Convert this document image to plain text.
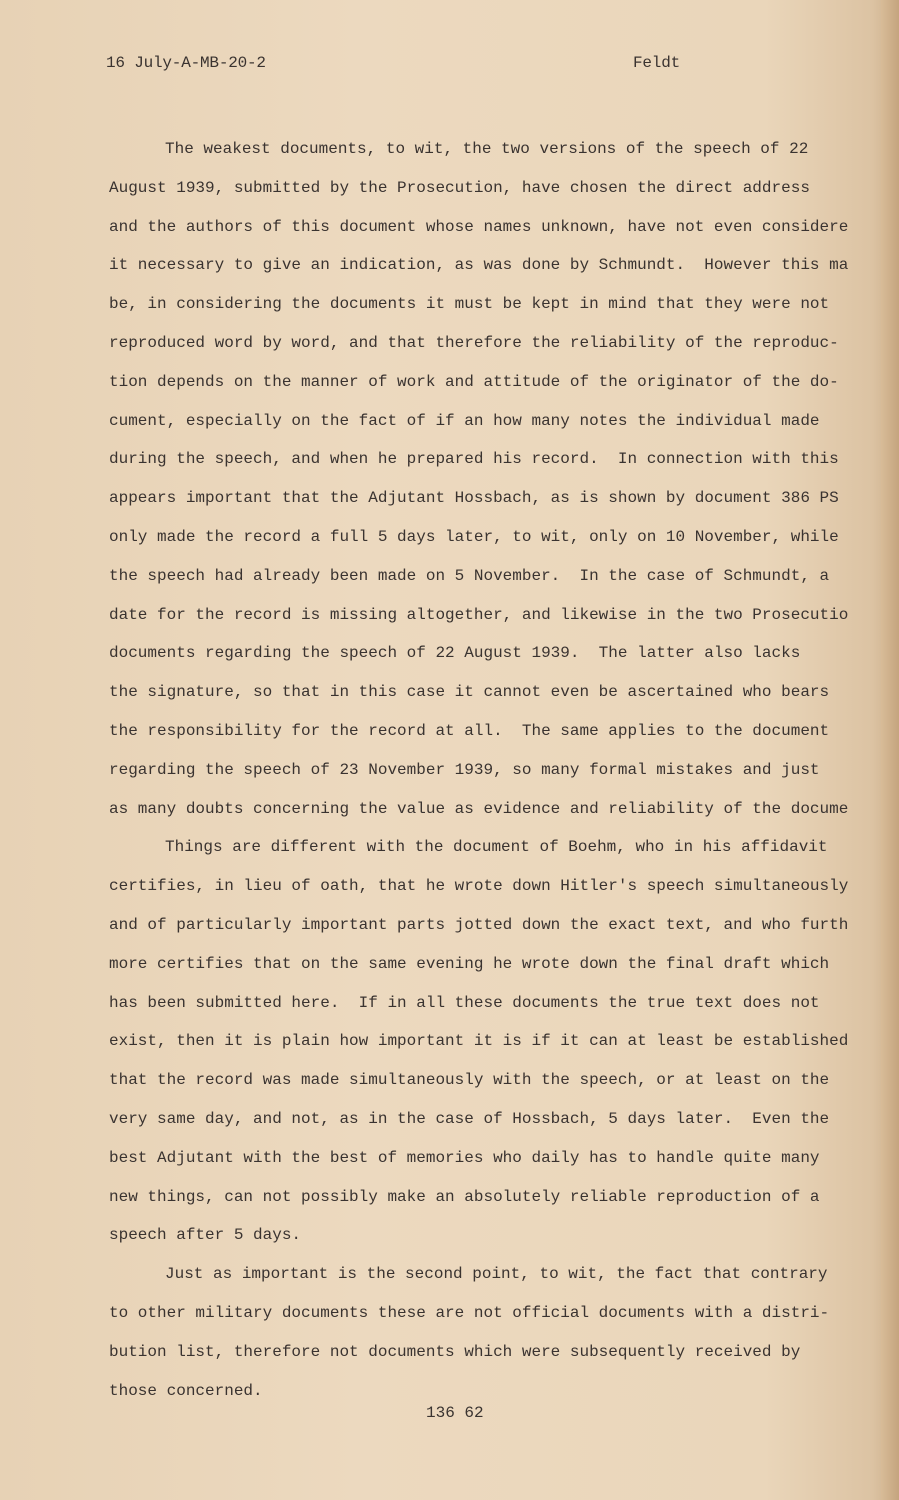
16 July-A-MB-20-2	Feldt
The weakest documents, to wit, the two versions of the speech of 22
August 1939, submitted by the Prosecution, have chosen the direct address
and the authors of this document whose names unknown, have not even considere
it necessary to give an indication, as was done by Schmundt.  However this ma
be, in considering the documents it must be kept in mind that they were not
reproduced word by word, and that therefore the reliability of the reproduc-
tion depends on the manner of work and attitude of the originator of the do-
cument, especially on the fact of if an how many notes the individual made
during the speech, and when he prepared his record.  In connection with this
appears important that the Adjutant Hossbach, as is shown by document 386 PS
only made the record a full 5 days later, to wit, only on 10 November, while
the speech had already been made on 5 November.  In the case of Schmundt, a
date for the record is missing altogether, and likewise in the two Prosecutio
documents regarding the speech of 22 August 1939.  The latter also lacks
the signature, so that in this case it cannot even be ascertained who bears
the responsibility for the record at all.  The same applies to the document
regarding the speech of 23 November 1939, so many formal mistakes and just
as many doubts concerning the value as evidence and reliability of the docume
Things are different with the document of Boehm, who in his affidavit
certifies, in lieu of oath, that he wrote down Hitler's speech simultaneously
and of particularly important parts jotted down the exact text, and who furth
more certifies that on the same evening he wrote down the final draft which
has been submitted here.  If in all these documents the true text does not
exist, then it is plain how important it is if it can at least be established
that the record was made simultaneously with the speech, or at least on the
very same day, and not, as in the case of Hossbach, 5 days later.  Even the
best Adjutant with the best of memories who daily has to handle quite many
new things, can not possibly make an absolutely reliable reproduction of a
speech after 5 days.
Just as important is the second point, to wit, the fact that contrary
to other military documents these are not official documents with a distri-
bution list, therefore not documents which were subsequently received by
those concerned.
136 62
